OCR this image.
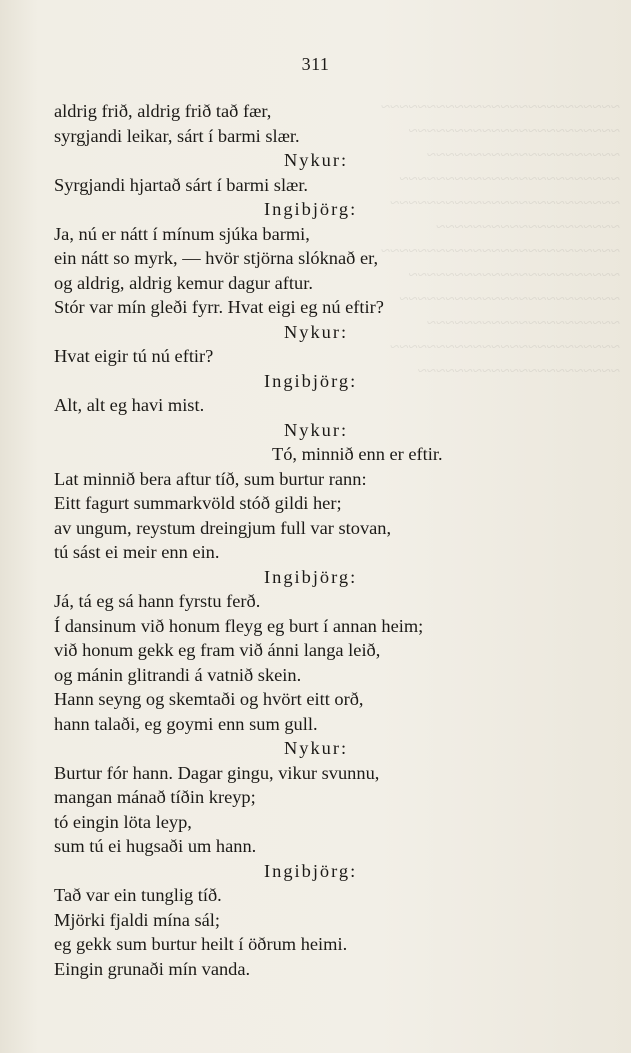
~~~~~~~~~~~~~~~~~~~~~~~~~~
~~~~~~~~~~~~~~~~~~~~~~~
~~~~~~~~~~~~~~~~~~~~~
~~~~~~~~~~~~~~~~~~~~~~~~
~~~~~~~~~~~~~~~~~~~~~~~~~
~~~~~~~~~~~~~~~~~~~~
~~~~~~~~~~~~~~~~~~~~~~~~~~
~~~~~~~~~~~~~~~~~~~~~~~
~~~~~~~~~~~~~~~~~~~~~~~~
~~~~~~~~~~~~~~~~~~~~~
~~~~~~~~~~~~~~~~~~~~~~~~~
~~~~~~~~~~~~~~~~~~~~~~
311
aldrig frið, aldrig frið tað fær,
syrgjandi leikar, sárt í barmi slær.
Nykur:
Syrgjandi hjartað sárt í barmi slær.
Ingibjörg:
Ja, nú er nátt í mínum sjúka barmi,
ein nátt so myrk, — hvör stjörna slóknað er,
og aldrig, aldrig kemur dagur aftur.
Stór var mín gleði fyrr. Hvat eigi eg nú eftir?
Nykur:
Hvat eigir tú nú eftir?
Ingibjörg:
Alt, alt eg havi mist.
Nykur:
Tó, minnið enn er eftir.
Lat minnið bera aftur tíð, sum burtur rann:
Eitt fagurt summarkvöld stóð gildi her;
av ungum, reystum dreingjum full var stovan,
tú sást ei meir enn ein.
Ingibjörg:
Já, tá eg sá hann fyrstu ferð.
Í dansinum við honum fleyg eg burt í annan heim;
við honum gekk eg fram við ánni langa leið,
og mánin glitrandi á vatnið skein.
Hann seyng og skemtaði og hvört eitt orð,
hann talaði, eg goymi enn sum gull.
Nykur:
Burtur fór hann. Dagar gingu, vikur svunnu,
mangan mánað tíðin kreyp;
tó eingin löta leyp,
sum tú ei hugsaði um hann.
Ingibjörg:
Tað var ein tunglig tíð.
Mjörki fjaldi mína sál;
eg gekk sum burtur heilt í öðrum heimi.
Eingin grunaði mín vanda.
